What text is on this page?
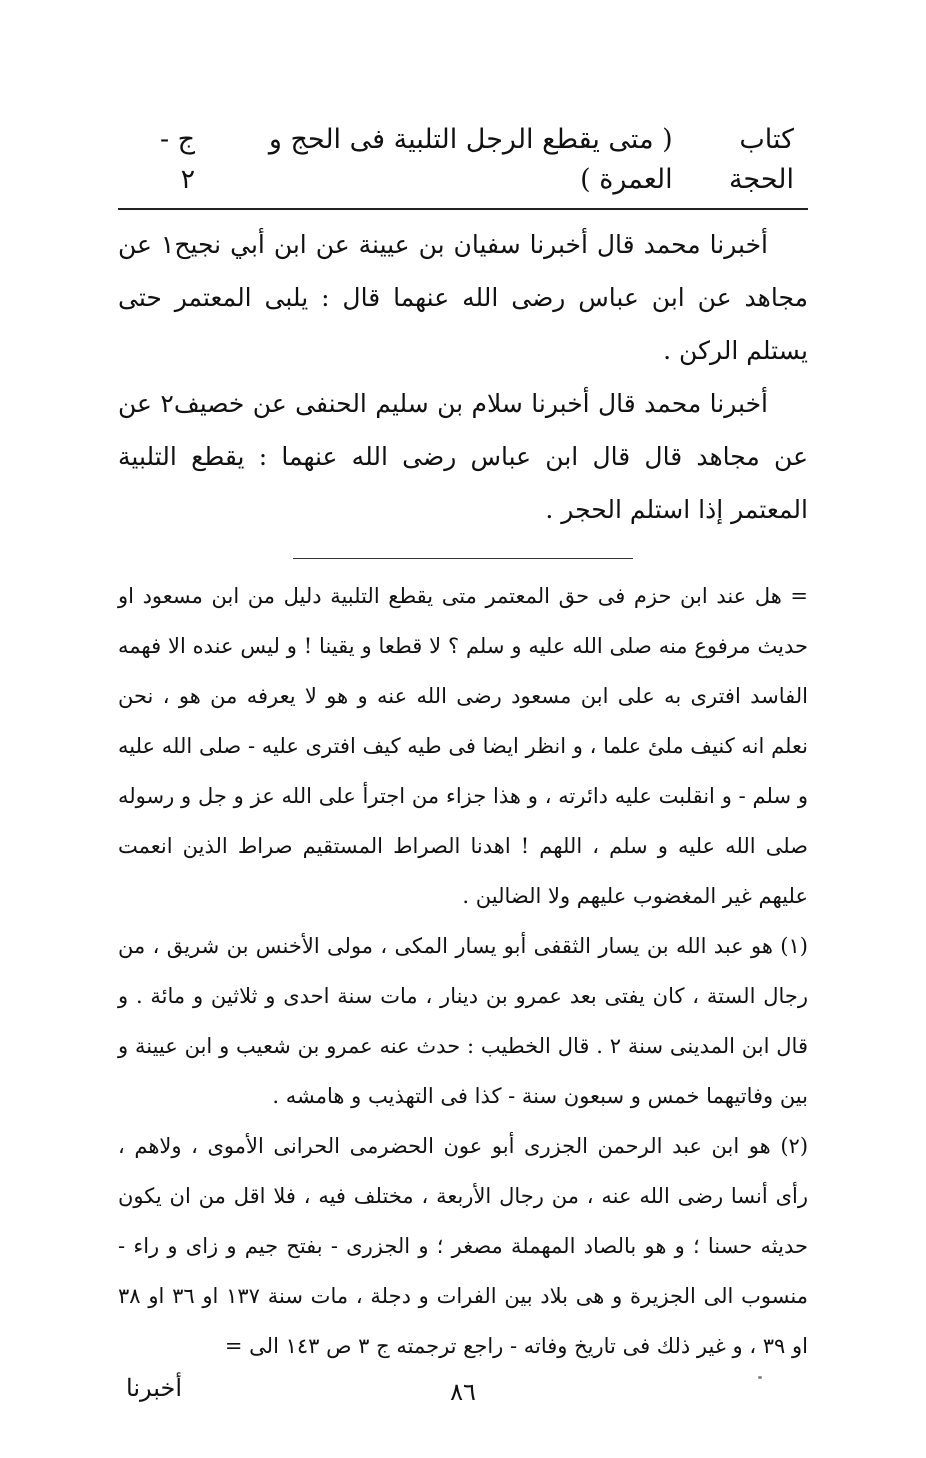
كتاب الحجة
( متى يقطع الرجل التلبية فى الحج و العمرة )
ج - ٢

أخبرنا محمد قال أخبرنا سفيان بن عيينة عن ابن أبي نجيح١ عن مجاهد عن ابن عباس رضى الله عنهما قال : يلبى المعتمر حتى يستلم الركن .

أخبرنا محمد قال أخبرنا سلام بن سليم الحنفى عن خصيف٢ عن عن مجاهد قال قال ابن عباس رضى الله عنهما : يقطع التلبية المعتمر إذا استلم الحجر .

= هل عند ابن حزم فى حق المعتمر متى يقطع التلبية دليل من ابن مسعود او حديث مرفوع منه صلى الله عليه و سلم ؟ لا قطعا و يقينا ! و ليس عنده الا فهمه الفاسد افترى به على ابن مسعود رضى الله عنه و هو لا يعرفه من هو ، نحن نعلم انه كنيف ملئ علما ، و انظر ايضا فى طيه كيف افترى عليه - صلى الله عليه و سلم - و انقلبت عليه دائرته ، و هذا جزاء من اجترأ على الله عز و جل و رسوله صلى الله عليه و سلم ، اللهم ! اهدنا الصراط المستقيم صراط الذين انعمت عليهم غير المغضوب عليهم ولا الضالين .

(١) هو عبد الله بن يسار الثقفى أبو يسار المكى ، مولى الأخنس بن شريق ، من رجال الستة ، كان يفتى بعد عمرو بن دينار ، مات سنة احدى و ثلاثين و مائة . و قال ابن المدينى سنة ٢ . قال الخطيب : حدث عنه عمرو بن شعيب و ابن عيينة و بين وفاتيهما خمس و سبعون سنة - كذا فى التهذيب و هامشه .

(٢) هو ابن عبد الرحمن الجزرى أبو عون الحضرمى الحرانى الأموى ، ولاهم ، رأى أنسا رضى الله عنه ، من رجال الأربعة ، مختلف فيه ، فلا اقل من ان يكون حديثه حسنا ؛ و هو بالصاد المهملة مصغر ؛ و الجزرى - بفتح جيم و زاى و راء - منسوب الى الجزيرة و هى بلاد بين الفرات و دجلة ، مات سنة ١٣٧ او ٣٦ او ٣٨ او ٣٩ ، و غير ذلك فى تاريخ وفاته - راجع ترجمته ج ٣ ص ١٤٣ الى =

٨٦
أخبرنا
